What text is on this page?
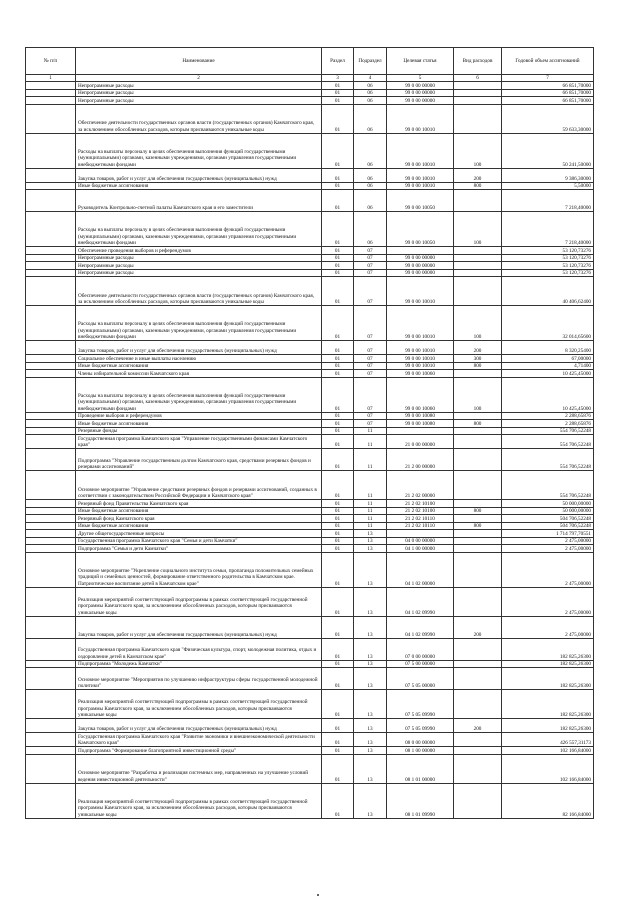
№ п/п	Наименование	Раздел	Подраздел	Целевая статья	Вид расходов	Годовой объем ассигнований
1	2	3	4	5	6	7
	Непрограммные расходы	01	06	99 0 00 00000		66 851,70000
	Непрограммные расходы	01	06	99 0 00 00000		66 851,70000
	Непрограммные расходы	01	06	99 0 00 00000		66 851,70000
	Обеспечение деятельности государственных органов власти (государственных органов) Камчатского края, за исключением обособленных расходов, которым присваиваются уникальные коды	01	06	99 0 00 10010		59 633,30000
	Расходы на выплаты персоналу в целях обеспечения выполнения функций государственными (муниципальными) органами, казенными учреждениями, органами управления государственными внебюджетными фондами	01	06	99 0 00 10010	100	50 241,50000
	Закупка товаров, работ и услуг для обеспечения государственных (муниципальных) нужд	01	06	99 0 00 10010	200	9 386,30000
	Иные бюджетные ассигнования	01	06	99 0 00 10010	800	5,50000
	Руководитель Контрольно-счетной палаты Камчатского края и его заместители	01	06	99 0 00 10050		7 218,40000
	Расходы на выплаты персоналу в целях обеспечения выполнения функций государственными (муниципальными) органами, казенными учреждениями, органами управления государственными внебюджетными фондами	01	06	99 0 00 10050	100	7 218,40000
	Обеспечение проведения выборов и референдумов	01	07			53 120,73276
	Непрограммные расходы	01	07	99 0 00 00000		53 120,73276
	Непрограммные расходы	01	07	99 0 00 00000		53 120,73276
	Непрограммные расходы	01	07	99 0 00 00000		53 120,73276
	Обеспечение деятельности государственных органов власти (государственных органов) Камчатского края, за исключением обособленных расходов, которым присваиваются уникальные коды	01	07	99 0 00 10010		40 406,62400
	Расходы на выплаты персоналу в целях обеспечения выполнения функций государственными (муниципальными) органами, казенными учреждениями, органами управления государственными внебюджетными фондами	01	07	99 0 00 10010	100	32 014,65600
	Закупка товаров, работ и услуг для обеспечения государственных (муниципальных) нужд	01	07	99 0 00 10010	200	8 320,25400
	Социальное обеспечение и иные выплаты населению	01	07	99 0 00 10010	300	67,00000
	Иные бюджетные ассигнования	01	07	99 0 00 10010	800	4,71400
	Члены избирательной комиссии Камчатского края	01	07	99 0 00 10060		10 425,45000
	Расходы на выплаты персоналу в целях обеспечения выполнения функций государственными (муниципальными) органами, казенными учреждениями, органами управления государственными внебюджетными фондами	01	07	99 0 00 10060	100	10 425,45000
	Проведение выборов и референдумов	01	07	99 0 00 10080		2 288,65876
	Иные бюджетные ассигнования	01	07	99 0 00 10080	800	2 288,65876
	Резервные фонды	01	11			554 706,52248
	Государственная программа Камчатского края "Управление государственными финансами Камчатского края"	01	11	21 0 00 00000		554 706,52248
	Подпрограмма "Управление государственным долгом Камчатского края, средствами резервных фондов и резервами ассигнований"	01	11	21 2 00 00000		554 706,52248
	Основное мероприятие "Управление средствами резервных фондов и резервами ассигнований, созданных в соответствии с законодательством Российской Федерации и Камчатского края"	01	11	21 2 02 00000		554 706,52248
	Резервный фонд Правительства Камчатского края	01	11	21 2 02 10100		50 000,00000
	Иные бюджетные ассигнования	01	11	21 2 02 10100	800	50 000,00000
	Резервный фонд Камчатского края	01	11	21 2 02 10110		504 706,52248
	Иные бюджетные ассигнования	01	11	21 2 02 10110	800	504 706,52248
	Другие общегосударственные вопросы	01	13			1 714 797,70551
	Государственная программа Камчатского края "Семья и дети Камчатки"	01	13	04 0 00 00000		2 475,00000
	Подпрограмма "Семья и дети Камчатки"	01	13	04 1 00 00000		2 475,00000
	Основное мероприятие "Укрепление социального института семьи, пропаганда положительных семейных традиций и семейных ценностей, формирование ответственного родительства в Камчатском крае. Патриотическое воспитание детей в Камчатском крае"	01	13	04 1 02 00000		2 475,00000
	Реализация мероприятий соответствующей подпрограммы в рамках соответствующей государственной программы Камчатского края, за исключением обособленных расходов, которым присваиваются уникальные коды	01	13	04 1 02 09990		2 475,00000
	Закупка товаров, работ и услуг для обеспечения государственных (муниципальных) нужд	01	13	04 1 02 09990	200	2 475,00000
	Государственная программа Камчатского края "Физическая культура, спорт, молодежная политика, отдых и оздоровление детей в Камчатском крае"	01	13	07 0 00 00000		182 825,26300
	Подпрограмма "Молодежь Камчатки"	01	13	07 5 00 00000		182 825,26300
	Основное мероприятие "Мероприятия по улучшению инфраструктуры сферы государственной молодежной политики"	01	13	07 5 05 00000		182 825,26300
	Реализация мероприятий соответствующей подпрограммы в рамках соответствующей государственной программы Камчатского края, за исключением обособленных расходов, которым присваиваются уникальные коды	01	13	07 5 05 09990		182 825,26300
	Закупка товаров, работ и услуг для обеспечения государственных (муниципальных) нужд	01	13	07 5 05 09990	200	182 825,26300
	Государственная программа Камчатского края "Развитие экономики и внешнеэкономической деятельности Камчатского края"	01	13	08 0 00 00000		426 557,31173
	Подпрограмма "Формирование благоприятной инвестиционной среды"	01	13	08 1 00 00000		102 166,84000
	Основное мероприятие "Разработка и реализация системных мер, направленных на улучшение условий ведения инвестиционной деятельности"	01	13	08 1 01 00000		102 166,84000
	Реализация мероприятий соответствующей подпрограммы в рамках соответствующей государственной программы Камчатского края, за исключением обособленных расходов, которым присваиваются уникальные коды	01	13	08 1 01 09990		82 166,84000
